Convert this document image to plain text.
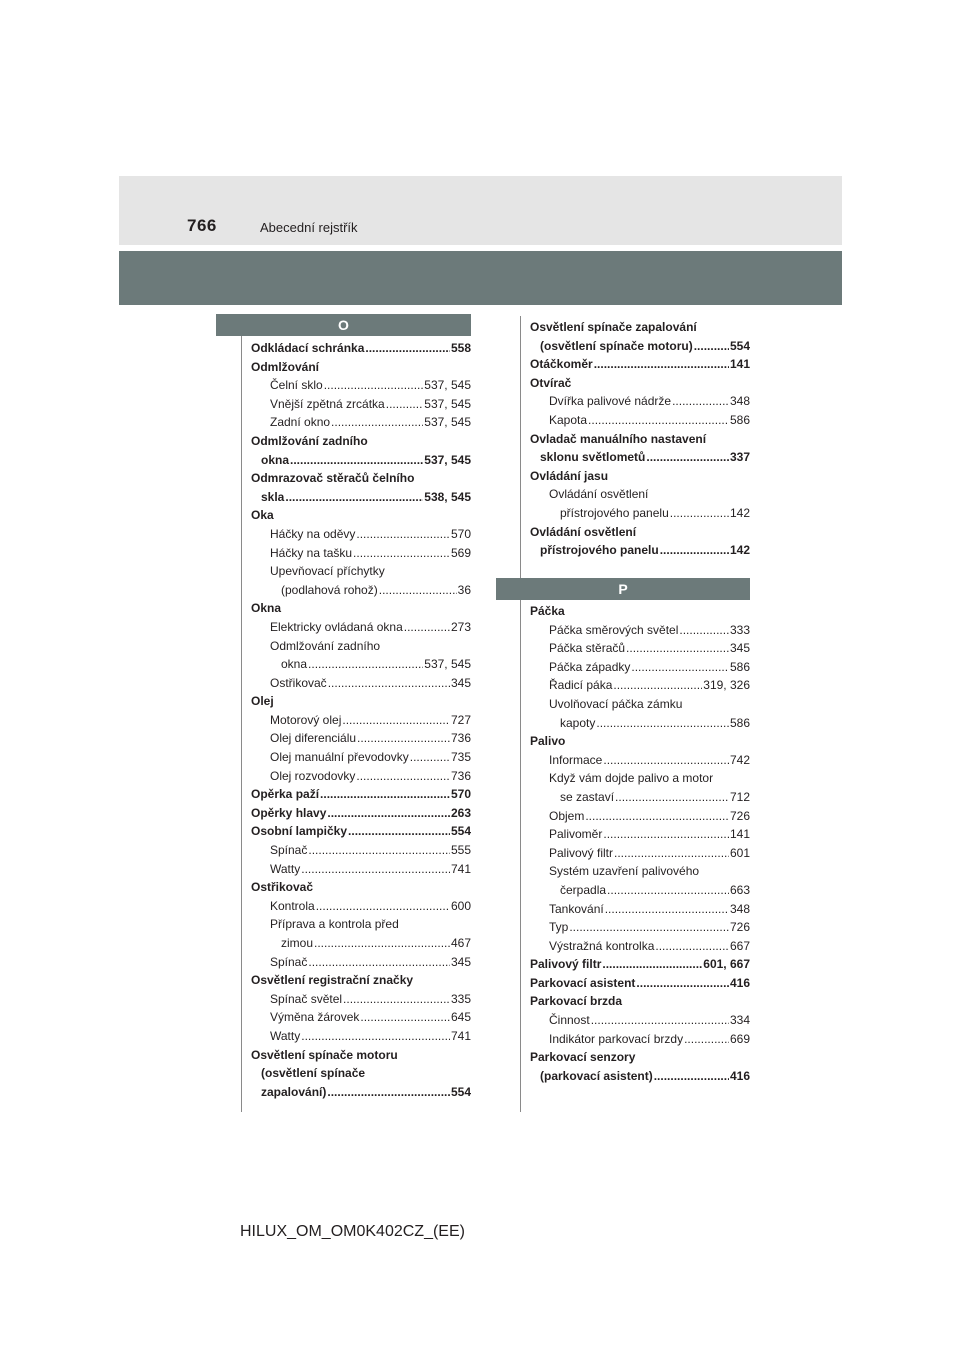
766	Abecední rejstřík
O
Odkládací schránka .....	558
Odmlžování
Čelní sklo .....	537, 545
Vnější zpětná zrcátka .....	537, 545
Zadní okno .....	537, 545
Odmlžování zadního
okna .....	537, 545
Odmrazovač stěračů čelního
skla .....	538, 545
Oka
Háčky na oděvy .....	570
Háčky na tašku .....	569
Upevňovací příchytky
(podlahová rohož) .....	36
Okna
Elektricky ovládaná okna .....	273
Odmlžování zadního
okna .....	537, 545
Ostřikovač .....	345
Olej
Motorový olej .....	727
Olej diferenciálu .....	736
Olej manuální převodovky .....	735
Olej rozvodovky .....	736
Opěrka paží .....	570
Opěrky hlavy .....	263
Osobní lampičky .....	554
Spínač .....	555
Watty .....	741
Ostřikovač
Kontrola .....	600
Příprava a kontrola před
zimou .....	467
Spínač .....	345
Osvětlení registrační značky
Spínač světel .....	335
Výměna žárovek .....	645
Watty .....	741
Osvětlení spínače motoru
(osvětlení spínače
zapalování) .....	554
Osvětlení spínače zapalování
(osvětlení spínače motoru) .....	554
Otáčkoměr .....	141
Otvírač
Dvířka palivové nádrže .....	348
Kapota .....	586
Ovladač manuálního nastavení
sklonu světlometů .....	337
Ovládání jasu
Ovládání osvětlení
přístrojového panelu .....	142
Ovládání osvětlení
přístrojového panelu .....	142
P
Páčka
Páčka směrových světel .....	333
Páčka stěračů .....	345
Páčka západky .....	586
Řadicí páka .....	319, 326
Uvolňovací páčka zámku
kapoty .....	586
Palivo
Informace .....	742
Když vám dojde palivo a motor
se zastaví .....	712
Objem .....	726
Palivoměr .....	141
Palivový filtr .....	601
Systém uzavření palivového
čerpadla .....	663
Tankování .....	348
Typ .....	726
Výstražná kontrolka .....	667
Palivový filtr .....	601, 667
Parkovací asistent .....	416
Parkovací brzda
Činnost .....	334
Indikátor parkovací brzdy .....	669
Parkovací senzory
(parkovací asistent) .....	416
HILUX_OM_OM0K402CZ_(EE)
